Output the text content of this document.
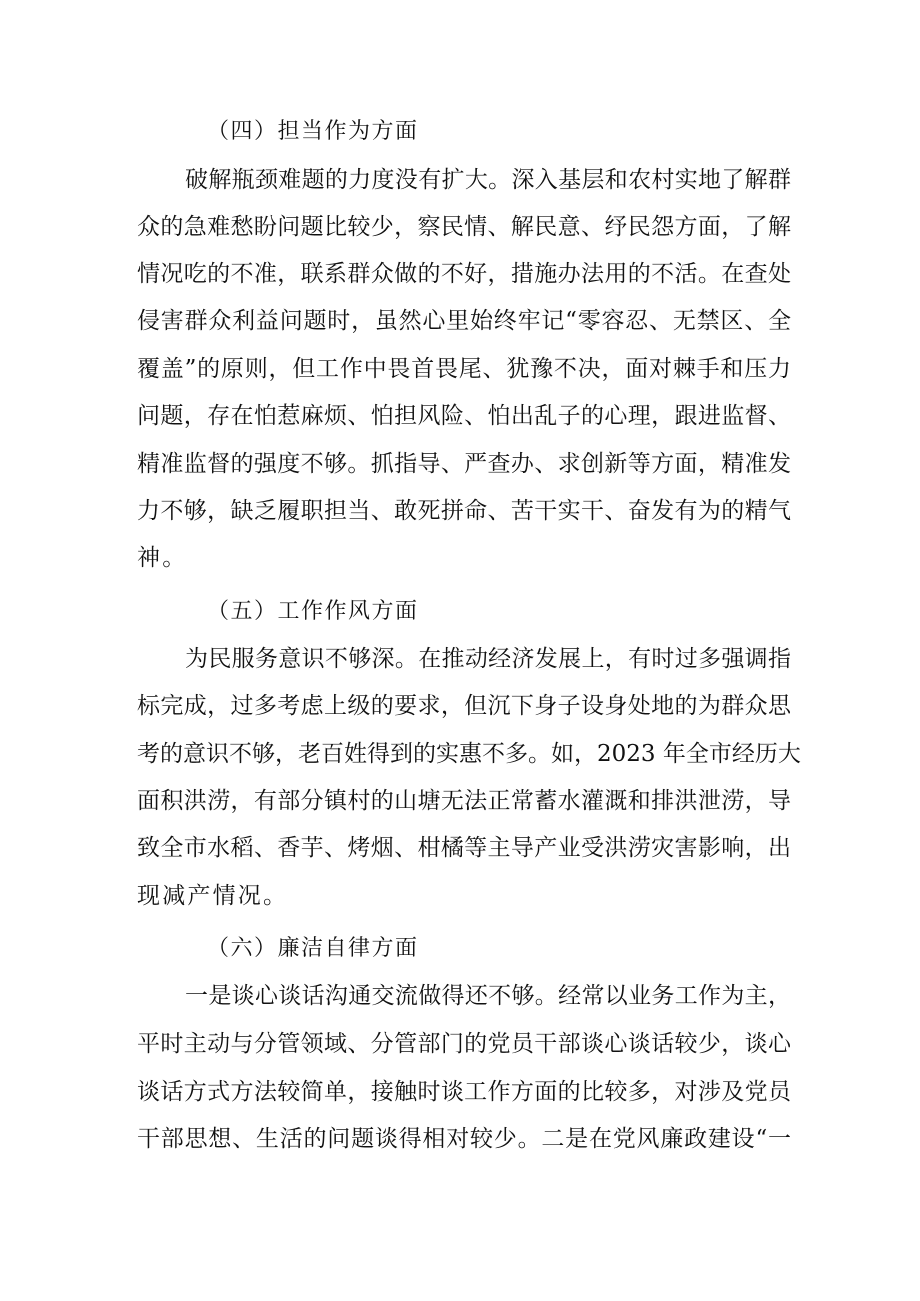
（四）担当作为方面

破解瓶颈难题的力度没有扩大。深入基层和农村实地了解群

众的急难愁盼问题比较少，察民情、解民意、纾民怨方面，了解

情况吃的不准，联系群众做的不好，措施办法用的不活。在查处

侵害群众利益问题时，虽然心里始终牢记“零容忍、无禁区、全

覆盖”的原则，但工作中畏首畏尾、犹豫不决，面对棘手和压力

问题，存在怕惹麻烦、怕担风险、怕出乱子的心理，跟进监督、

精准监督的强度不够。抓指导、严查办、求创新等方面，精准发

力不够，缺乏履职担当、敢死拼命、苦干实干、奋发有为的精气

神。

（五）工作作风方面

为民服务意识不够深。在推动经济发展上，有时过多强调指

标完成，过多考虑上级的要求，但沉下身子设身处地的为群众思

考的意识不够，老百姓得到的实惠不多。如，2023 年全市经历大

面积洪涝，有部分镇村的山塘无法正常蓄水灌溉和排洪泄涝，导

致全市水稻、香芋、烤烟、柑橘等主导产业受洪涝灾害影响，出

现减产情况。

（六）廉洁自律方面

一是谈心谈话沟通交流做得还不够。经常以业务工作为主，

平时主动与分管领域、分管部门的党员干部谈心谈话较少，谈心

谈话方式方法较简单，接触时谈工作方面的比较多，对涉及党员

干部思想、生活的问题谈得相对较少。二是在党风廉政建设“一
